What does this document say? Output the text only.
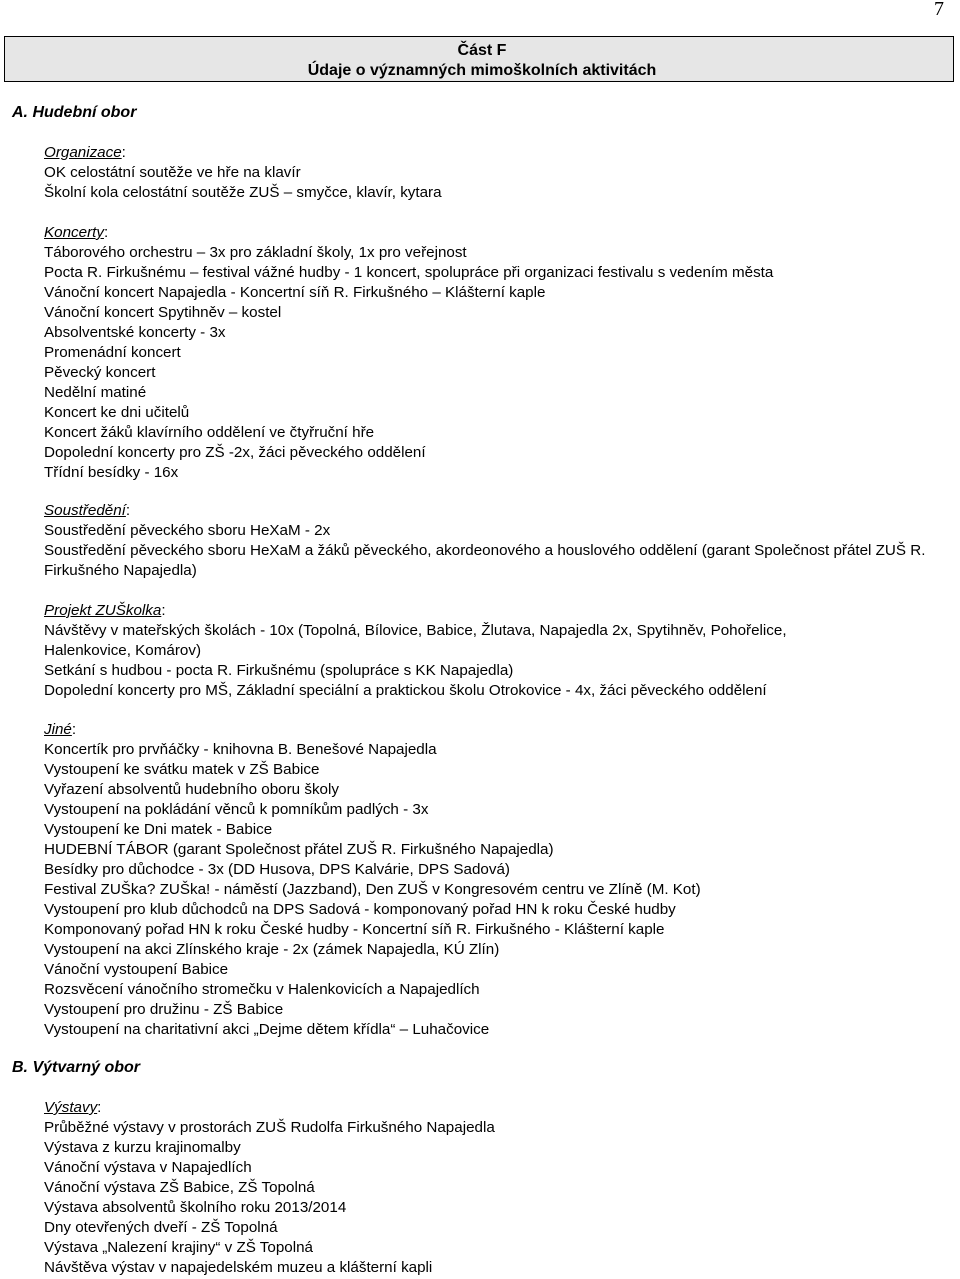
7
Část F
Údaje o významných mimoškolních aktivitách
A. Hudební obor
Organizace:
OK celostátní soutěže ve hře na klavír
Školní kola celostátní soutěže ZUŠ – smyčce, klavír, kytara
Koncerty:
Táborového orchestru – 3x pro základní školy, 1x pro veřejnost
Pocta R. Firkušnému – festival vážné hudby - 1 koncert, spolupráce při organizaci festivalu s vedením města
Vánoční koncert Napajedla - Koncertní síň R. Firkušného – Klášterní kaple
Vánoční koncert Spytihněv – kostel
Absolventské koncerty - 3x
Promenádní koncert
Pěvecký koncert
Nedělní matiné
Koncert ke dni učitelů
Koncert žáků klavírního oddělení ve čtyřruční hře
Dopolední koncerty pro ZŠ -2x, žáci pěveckého oddělení
Třídní besídky - 16x
Soustředění:
Soustředění pěveckého sboru HeXaM - 2x
Soustředění pěveckého sboru HeXaM a žáků pěveckého, akordeonového a houslového oddělení (garant Společnost přátel ZUŠ R. Firkušného Napajedla)
Projekt ZUŠkolka:
Návštěvy v mateřských školách - 10x (Topolná, Bílovice, Babice, Žlutava, Napajedla 2x, Spytihněv, Pohořelice, Halenkovice, Komárov)
Setkání s hudbou - pocta R. Firkušnému (spolupráce s KK Napajedla)
Dopolední koncerty pro MŠ, Základní speciální a praktickou školu Otrokovice - 4x, žáci pěveckého oddělení
Jiné:
Koncertík pro prvňáčky - knihovna B. Benešové Napajedla
Vystoupení ke svátku matek v ZŠ Babice
Vyřazení absolventů hudebního oboru školy
Vystoupení na pokládání věnců k pomníkům padlých - 3x
Vystoupení ke Dni matek - Babice
HUDEBNÍ TÁBOR (garant Společnost přátel ZUŠ R. Firkušného Napajedla)
Besídky pro důchodce - 3x (DD Husova, DPS Kalvárie, DPS Sadová)
Festival ZUŠka? ZUŠka! - náměstí (Jazzband), Den ZUŠ v Kongresovém centru ve Zlíně (M. Kot)
Vystoupení pro klub důchodců na DPS Sadová - komponovaný pořad HN k roku České hudby
Komponovaný pořad HN k roku České hudby - Koncertní síň R. Firkušného - Klášterní kaple
Vystoupení na akci Zlínského kraje - 2x (zámek Napajedla, KÚ Zlín)
Vánoční vystoupení Babice
Rozsvěcení vánočního stromečku v Halenkovicích a Napajedlích
Vystoupení pro družinu - ZŠ Babice
Vystoupení na charitativní akci „Dejme dětem křídla“ – Luhačovice
B. Výtvarný obor
Výstavy:
Průběžné výstavy v prostorách ZUŠ Rudolfa Firkušného Napajedla
Výstava z kurzu krajinomalby
Vánoční výstava v Napajedlích
Vánoční výstava ZŠ Babice, ZŠ Topolná
Výstava absolventů školního roku 2013/2014
Dny otevřených dveří - ZŠ Topolná
Výstava „Nalezení krajiny“ v ZŠ Topolná
Návštěva výstav v napajedelském muzeu a klášterní kapli
